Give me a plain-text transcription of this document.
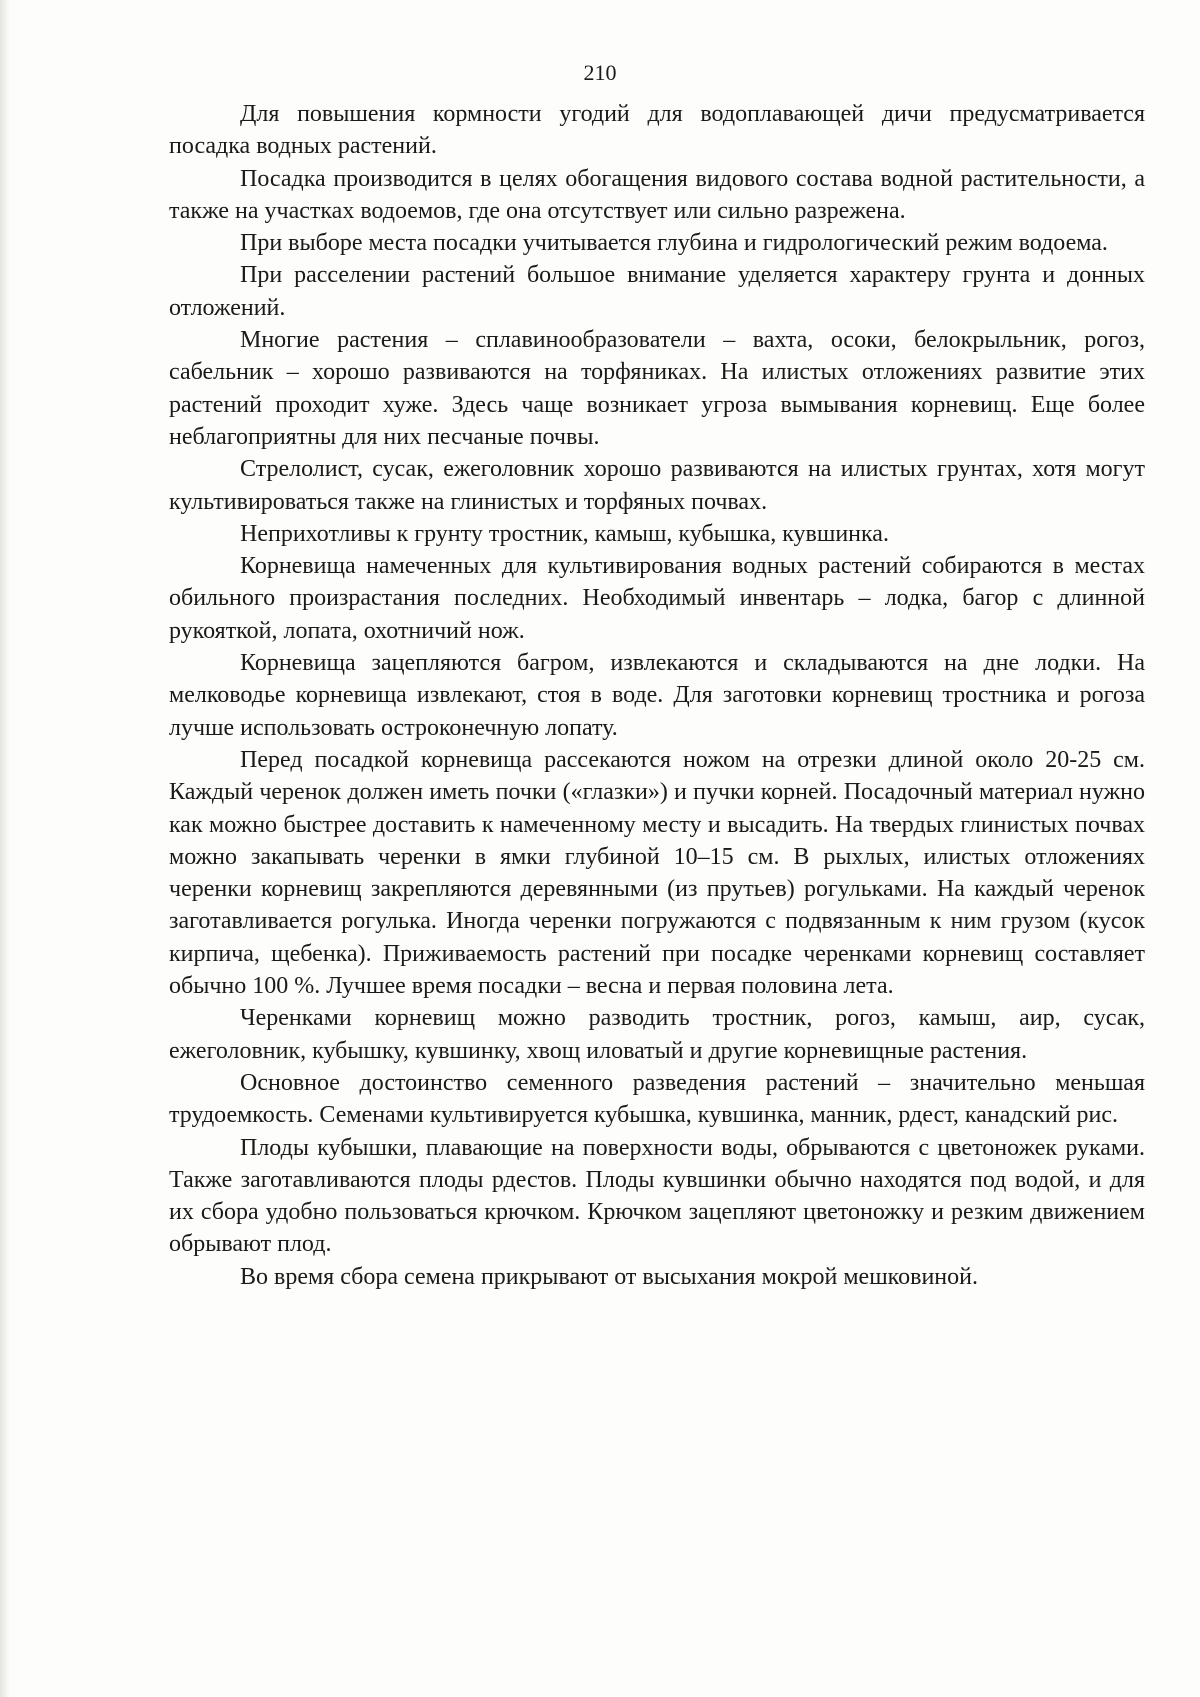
210

Для повышения кормности угодий для водоплавающей дичи предусматривается посадка водных растений.

Посадка производится в целях обогащения видового состава водной растительности, а также на участках водоемов, где она отсутствует или сильно разрежена.

При выборе места посадки учитывается глубина и гидрологический режим водоема.

При расселении растений большое внимание уделяется характеру грунта и донных отложений.

Многие растения – сплавинообразователи – вахта, осоки, белокрыльник, рогоз, сабельник – хорошо развиваются на торфяниках. На илистых отложениях развитие этих растений проходит хуже. Здесь чаще возникает угроза вымывания корневищ. Еще более неблагоприятны для них песчаные почвы.

Стрелолист, сусак, ежеголовник хорошо развиваются на илистых грунтах, хотя могут культивироваться также на глинистых и торфяных почвах.

Неприхотливы к грунту тростник, камыш, кубышка, кувшинка.

Корневища намеченных для культивирования водных растений собираются в местах обильного произрастания последних. Необходимый инвентарь – лодка, багор с длинной рукояткой, лопата, охотничий нож.

Корневища зацепляются багром, извлекаются и складываются на дне лодки. На мелководье корневища извлекают, стоя в воде. Для заготовки корневищ тростника и рогоза лучше использовать остроконечную лопату.

Перед посадкой корневища рассекаются ножом на отрезки длиной около 20-25 см. Каждый черенок должен иметь почки («глазки») и пучки корней. Посадочный материал нужно как можно быстрее доставить к намеченному месту и высадить. На твердых глинистых почвах можно закапывать черенки в ямки глубиной 10–15 см. В рыхлых, илистых отложениях черенки корневищ закрепляются деревянными (из прутьев) рогульками. На каждый черенок заготавливается рогулька. Иногда черенки погружаются с подвязанным к ним грузом (кусок кирпича, щебенка). Приживаемость растений при посадке черенками корневищ составляет обычно 100 %. Лучшее время посадки – весна и первая половина лета.

Черенками корневищ можно разводить тростник, рогоз, камыш, аир, сусак, ежеголовник, кубышку, кувшинку, хвощ иловатый и другие корневищные растения.

Основное достоинство семенного разведения растений – значительно меньшая трудоемкость. Семенами культивируется кубышка, кувшинка, манник, рдест, канадский рис.

Плоды кубышки, плавающие на поверхности воды, обрываются с цветоножек руками. Также заготавливаются плоды рдестов. Плоды кувшинки обычно находятся под водой, и для их сбора удобно пользоваться крючком. Крючком зацепляют цветоножку и резким движением обрывают плод.

Во время сбора семена прикрывают от высыхания мокрой мешковиной.
